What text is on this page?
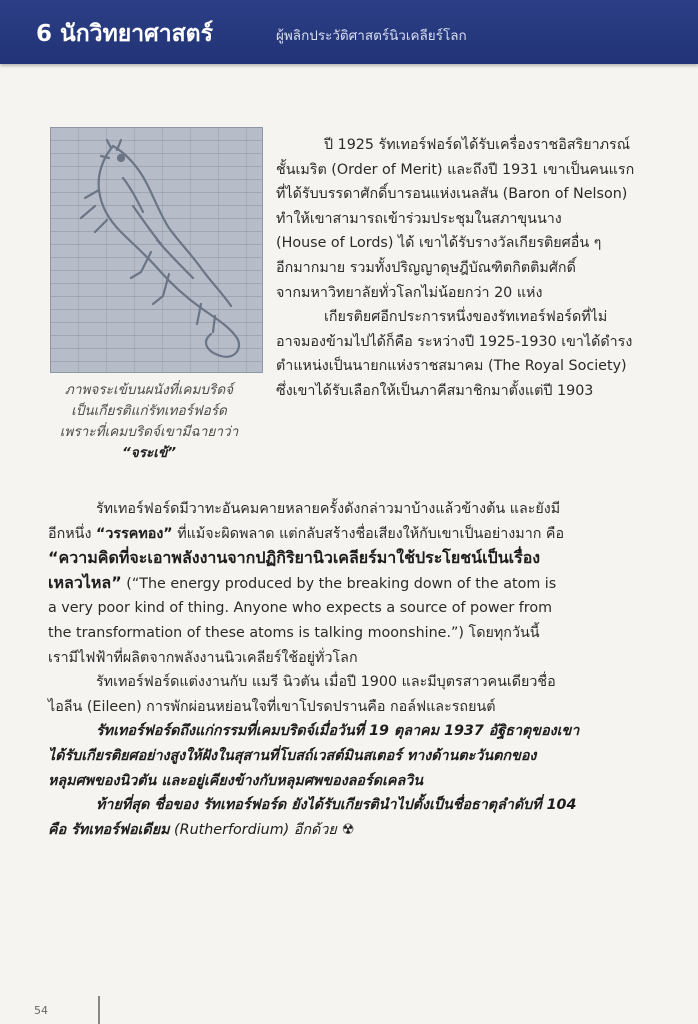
6 นักวิทยาศาสตร์	ผู้พลิกประวัติศาสตร์นิวเคลียร์โลก
ภาพจระเข้บนผนังที่เคมบริดจ์
เป็นเกียรติแก่รัทเทอร์ฟอร์ด
เพราะที่เคมบริดจ์เขามีฉายาว่า
“จระเข้”
ปี 1925 รัทเทอร์ฟอร์ดได้รับเครื่องราชอิสริยาภรณ์
ชั้นเมริต (Order of Merit) และถึงปี 1931 เขาเป็นคนแรก
ที่ได้รับบรรดาศักดิ์บารอนแห่งเนลสัน (Baron of Nelson)
ทำให้เขาสามารถเข้าร่วมประชุมในสภาขุนนาง
(House of Lords) ได้ เขาได้รับรางวัลเกียรติยศอื่น ๆ
อีกมากมาย รวมทั้งปริญญาดุษฎีบัณฑิตกิตติมศักดิ์
จากมหาวิทยาลัยทั่วโลกไม่น้อยกว่า 20 แห่ง
เกียรติยศอีกประการหนึ่งของรัทเทอร์ฟอร์ดที่ไม่
อาจมองข้ามไปได้ก็คือ ระหว่างปี 1925-1930 เขาได้ดำรง
ตำแหน่งเป็นนายกแห่งราชสมาคม (The Royal Society)
ซึ่งเขาได้รับเลือกให้เป็นภาคีสมาชิกมาตั้งแต่ปี 1903
รัทเทอร์ฟอร์ดมีวาทะอันคมคายหลายครั้งดังกล่าวมาบ้างแล้วข้างต้น และยังมี
อีกหนึ่ง “วรรคทอง” ที่แม้จะผิดพลาด แต่กลับสร้างชื่อเสียงให้กับเขาเป็นอย่างมาก คือ
“ความคิดที่จะเอาพลังงานจากปฏิกิริยานิวเคลียร์มาใช้ประโยชน์เป็นเรื่อง
เหลวไหล” (“The energy produced by the breaking down of the atom is
a very poor kind of thing. Anyone who expects a source of power from
the transformation of these atoms is talking moonshine.”) โดยทุกวันนี้
เรามีไฟฟ้าที่ผลิตจากพลังงานนิวเคลียร์ใช้อยู่ทั่วโลก
รัทเทอร์ฟอร์ดแต่งงานกับ แมรี นิวตัน เมื่อปี 1900 และมีบุตรสาวคนเดียวชื่อ
ไอลีน (Eileen) การพักผ่อนหย่อนใจที่เขาโปรดปรานคือ กอล์ฟและรถยนต์
รัทเทอร์ฟอร์ดถึงแก่กรรมที่เคมบริดจ์เมื่อวันที่ 19 ตุลาคม 1937 อัฐิธาตุของเขา
ได้รับเกียรติยศอย่างสูงให้ฝังในสุสานที่โบสถ์เวสต์มินสเตอร์ ทางด้านตะวันตกของ
หลุมศพของนิวตัน และอยู่เคียงข้างกับหลุมศพของลอร์ดเคลวิน
ท้ายที่สุด ชื่อของ รัทเทอร์ฟอร์ด ยังได้รับเกียรตินำไปตั้งเป็นชื่อธาตุลำดับที่ 104
คือ รัทเทอร์ฟอเดียม (Rutherfordium) อีกด้วย ☢
54
